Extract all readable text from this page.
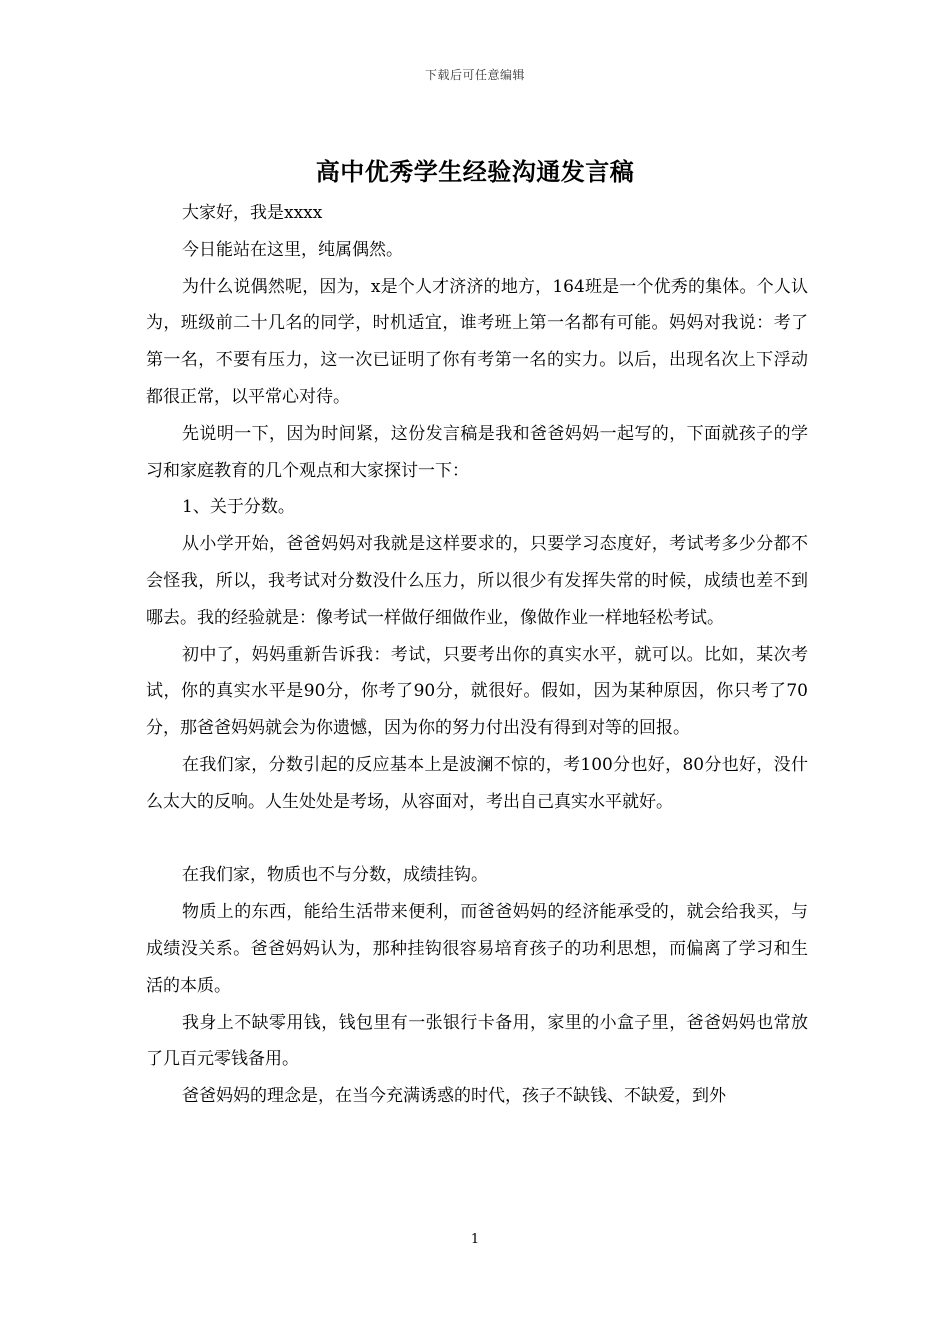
下载后可任意编辑
高中优秀学生经验沟通发言稿

大家好，我是xxxx

今日能站在这里，纯属偶然。

为什么说偶然呢，因为，x是个人才济济的地方，164班是一个优秀的集体。个人认为，班级前二十几名的同学，时机适宜，谁考班上第一名都有可能。妈妈对我说：考了第一名，不要有压力，这一次已证明了你有考第一名的实力。以后，出现名次上下浮动都很正常，以平常心对待。

先说明一下，因为时间紧，这份发言稿是我和爸爸妈妈一起写的，下面就孩子的学习和家庭教育的几个观点和大家探讨一下：

1、关于分数。

从小学开始，爸爸妈妈对我就是这样要求的，只要学习态度好，考试考多少分都不会怪我，所以，我考试对分数没什么压力，所以很少有发挥失常的时候，成绩也差不到哪去。我的经验就是：像考试一样做仔细做作业，像做作业一样地轻松考试。

初中了，妈妈重新告诉我：考试，只要考出你的真实水平，就可以。比如，某次考试，你的真实水平是90分，你考了90分，就很好。假如，因为某种原因，你只考了70分，那爸爸妈妈就会为你遗憾，因为你的努力付出没有得到对等的回报。

在我们家，分数引起的反应基本上是波澜不惊的，考100分也好，80分也好，没什么太大的反响。人生处处是考场，从容面对，考出自己真实水平就好。

在我们家，物质也不与分数，成绩挂钩。

物质上的东西，能给生活带来便利，而爸爸妈妈的经济能承受的，就会给我买，与成绩没关系。爸爸妈妈认为，那种挂钩很容易培育孩子的功利思想，而偏离了学习和生活的本质。

我身上不缺零用钱，钱包里有一张银行卡备用，家里的小盒子里，爸爸妈妈也常放了几百元零钱备用。

爸爸妈妈的理念是，在当今充满诱惑的时代，孩子不缺钱、不缺爱，到外

1
